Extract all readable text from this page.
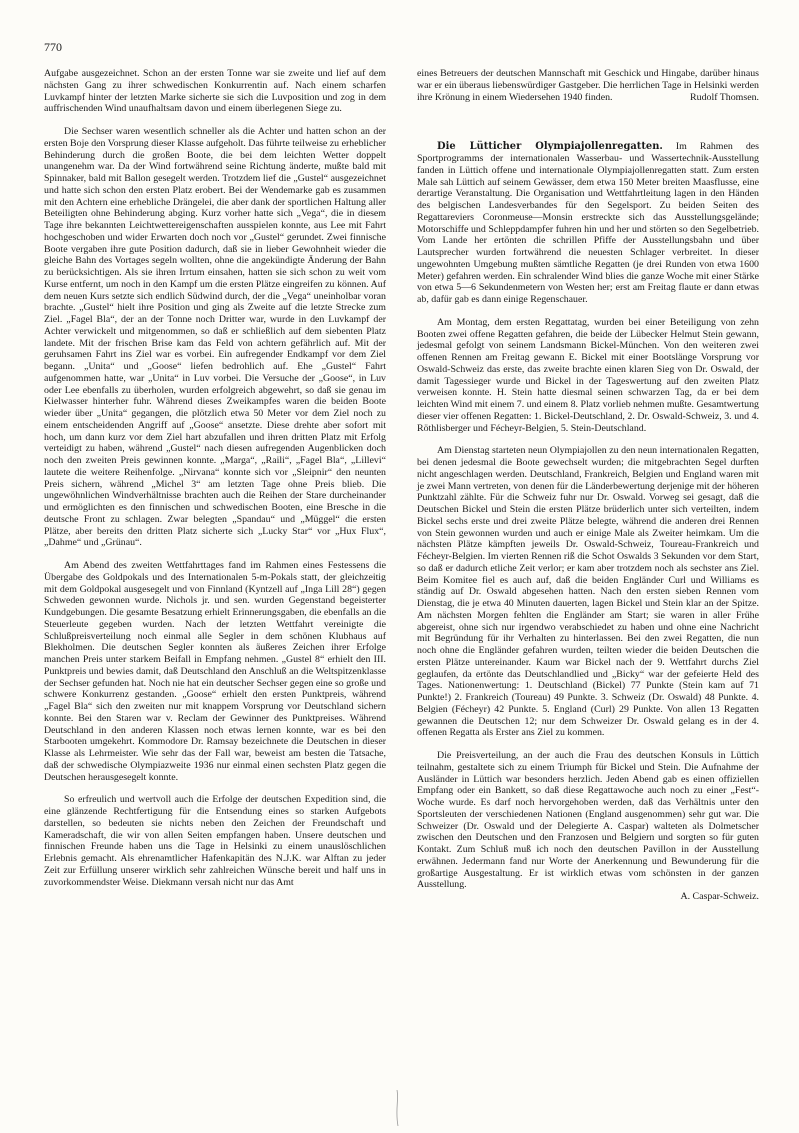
770

Aufgabe ausgezeichnet. Schon an der ersten Tonne war sie zweite und lief auf dem nächsten Gang zu ihrer schwedischen Konkurrentin auf. Nach einem scharfen Luvkampf hinter der letzten Marke sicherte sie sich die Luvposition und zog in dem auffrischenden Wind unaufhaltsam davon und einem überlegenen Siege zu.

Die Sechser waren wesentlich schneller als die Achter und hatten schon an der ersten Boje den Vorsprung dieser Klasse aufgeholt. Das führte teilweise zu erheblicher Behinderung durch die großen Boote, die bei dem leichten Wetter doppelt unangenehm war. Da der Wind fortwährend seine Richtung änderte, mußte bald mit Spinnaker, bald mit Ballon gesegelt werden. Trotzdem lief die „Gustel“ ausgezeichnet und hatte sich schon den ersten Platz erobert. Bei der Wendemarke gab es zusammen mit den Achtern eine erhebliche Drängelei, die aber dank der sportlichen Haltung aller Beteiligten ohne Behinderung abging. Kurz vorher hatte sich „Vega“, die in diesem Tage ihre bekannten Leichtwettereigenschaften ausspielen konnte, aus Lee mit Fahrt hochgeschoben und wider Erwarten doch noch vor „Gustel“ gerundet. Zwei finnische Boote vergaben ihre gute Position dadurch, daß sie in lieber Gewohnheit wieder die gleiche Bahn des Vortages segeln wollten, ohne die angekündigte Änderung der Bahn zu berücksichtigen. Als sie ihren Irrtum einsahen, hatten sie sich schon zu weit vom Kurse entfernt, um noch in den Kampf um die ersten Plätze eingreifen zu können. Auf dem neuen Kurs setzte sich endlich Südwind durch, der die „Vega“ uneinholbar voran brachte. „Gustel“ hielt ihre Position und ging als Zweite auf die letzte Strecke zum Ziel. „Fagel Bla“, der an der Tonne noch Dritter war, wurde in den Luvkampf der Achter verwickelt und mitgenommen, so daß er schließlich auf dem siebenten Platz landete. Mit der frischen Brise kam das Feld von achtern gefährlich auf. Mit der geruhsamen Fahrt ins Ziel war es vorbei. Ein aufregender Endkampf vor dem Ziel begann. „Unita“ und „Goose“ liefen bedrohlich auf. Ehe „Gustel“ Fahrt aufgenommen hatte, war „Unita“ in Luv vorbei. Die Versuche der „Goose“, in Luv oder Lee ebenfalls zu überholen, wurden erfolgreich abgewehrt, so daß sie genau im Kielwasser hinterher fuhr. Während dieses Zweikampfes waren die beiden Boote wieder über „Unita“ gegangen, die plötzlich etwa 50 Meter vor dem Ziel noch zu einem entscheidenden Angriff auf „Goose“ ansetzte. Diese drehte aber sofort mit hoch, um dann kurz vor dem Ziel hart abzufallen und ihren dritten Platz mit Erfolg verteidigt zu haben, während „Gustel“ nach diesen aufregenden Augenblicken doch noch den zweiten Preis gewinnen konnte. „Marga“, „Raili“, „Fagel Bla“, „Lillevi“ lautete die weitere Reihenfolge. „Nirvana“ konnte sich vor „Sleipnir“ den neunten Preis sichern, während „Michel 3“ am letzten Tage ohne Preis blieb. Die ungewöhnlichen Windverhältnisse brachten auch die Reihen der Stare durcheinander und ermöglichten es den finnischen und schwedischen Booten, eine Bresche in die deutsche Front zu schlagen. Zwar belegten „Spandau“ und „Müggel“ die ersten Plätze, aber bereits den dritten Platz sicherte sich „Lucky Star“ vor „Hux Flux“, „Dahme“ und „Grünau“.

Am Abend des zweiten Wettfahrttages fand im Rahmen eines Festessens die Übergabe des Goldpokals und des Internationalen 5-m-Pokals statt, der gleichzeitig mit dem Goldpokal ausgesegelt und von Finnland (Kyntzell auf „Inga Lill 28“) gegen Schweden gewonnen wurde. Nichols jr. und sen. wurden Gegenstand begeisterter Kundgebungen. Die gesamte Besatzung erhielt Erinnerungsgaben, die ebenfalls an die Steuerleute gegeben wurden. Nach der letzten Wettfahrt vereinigte die Schlußpreisverteilung noch einmal alle Segler in dem schönen Klubhaus auf Blekholmen. Die deutschen Segler konnten als äußeres Zeichen ihrer Erfolge manchen Preis unter starkem Beifall in Empfang nehmen. „Gustel 8“ erhielt den III. Punktpreis und bewies damit, daß Deutschland den Anschluß an die Weltspitzenklasse der Sechser gefunden hat. Noch nie hat ein deutscher Sechser gegen eine so große und schwere Konkurrenz gestanden. „Goose“ erhielt den ersten Punktpreis, während „Fagel Bla“ sich den zweiten nur mit knappem Vorsprung vor Deutschland sichern konnte. Bei den Staren war v. Reclam der Gewinner des Punktpreises. Während Deutschland in den anderen Klassen noch etwas lernen konnte, war es bei den Starbooten umgekehrt. Kommodore Dr. Ramsay bezeichnete die Deutschen in dieser Klasse als Lehrmeister. Wie sehr das der Fall war, beweist am besten die Tatsache, daß der schwedische Olympiazweite 1936 nur einmal einen sechsten Platz gegen die Deutschen herausgesegelt konnte.

So erfreulich und wertvoll auch die Erfolge der deutschen Expedition sind, die eine glänzende Rechtfertigung für die Entsendung eines so starken Aufgebots darstellen, so bedeuten sie nichts neben den Zeichen der Freundschaft und Kameradschaft, die wir von allen Seiten empfangen haben. Unsere deutschen und finnischen Freunde haben uns die Tage in Helsinki zu einem unauslöschlichen Erlebnis gemacht. Als ehrenamtlicher Hafenkapitän des N.J.K. war Alftan zu jeder Zeit zur Erfüllung unserer wirklich sehr zahlreichen Wünsche bereit und half uns in zuvorkommendster Weise. Diekmann versah nicht nur das Amt

eines Betreuers der deutschen Mannschaft mit Geschick und Hingabe, darüber hinaus war er ein überaus liebenswürdiger Gastgeber. Die herrlichen Tage in Helsinki werden ihre Krönung in einem Wiedersehen 1940 finden.	Rudolf Thomsen.

Die Lütticher Olympiajollenregatten. Im Rahmen des Sportprogramms der internationalen Wasserbau- und Wassertechnik-Ausstellung fanden in Lüttich offene und internationale Olympiajollenregatten statt. Zum ersten Male sah Lüttich auf seinem Gewässer, dem etwa 150 Meter breiten Maasflusse, eine derartige Veranstaltung. Die Organisation und Wettfahrtleitung lagen in den Händen des belgischen Landesverbandes für den Segelsport. Zu beiden Seiten des Regattareviers Coronmeuse—Monsin erstreckte sich das Ausstellungsgelände; Motorschiffe und Schleppdampfer fuhren hin und her und störten so den Segelbetrieb. Vom Lande her ertönten die schrillen Pfiffe der Ausstellungsbahn und über Lautsprecher wurden fortwährend die neuesten Schlager verbreitet. In dieser ungewohnten Umgebung mußten sämtliche Regatten (je drei Runden von etwa 1600 Meter) gefahren werden. Ein schralender Wind blies die ganze Woche mit einer Stärke von etwa 5—6 Sekundenmetern von Westen her; erst am Freitag flaute er dann etwas ab, dafür gab es dann einige Regenschauer.

Am Montag, dem ersten Regattatag, wurden bei einer Beteiligung von zehn Booten zwei offene Regatten gefahren, die beide der Lübecker Helmut Stein gewann, jedesmal gefolgt von seinem Landsmann Bickel-München. Von den weiteren zwei offenen Rennen am Freitag gewann E. Bickel mit einer Bootslänge Vorsprung vor Oswald-Schweiz das erste, das zweite brachte einen klaren Sieg von Dr. Oswald, der damit Tagessieger wurde und Bickel in der Tageswertung auf den zweiten Platz verweisen konnte. H. Stein hatte diesmal seinen schwarzen Tag, da er bei dem leichten Wind mit einem 7. und einem 8. Platz vorlieb nehmen mußte. Gesamtwertung dieser vier offenen Regatten: 1. Bickel-Deutschland, 2. Dr. Oswald-Schweiz, 3. und 4. Röthlisberger und Fécheyr-Belgien, 5. Stein-Deutschland.

Am Dienstag starteten neun Olympiajollen zu den neun internationalen Regatten, bei denen jedesmal die Boote gewechselt wurden; die mitgebrachten Segel durften nicht angeschlagen werden. Deutschland, Frankreich, Belgien und England waren mit je zwei Mann vertreten, von denen für die Länderbewertung derjenige mit der höheren Punktzahl zählte. Für die Schweiz fuhr nur Dr. Oswald. Vorweg sei gesagt, daß die Deutschen Bickel und Stein die ersten Plätze brüderlich unter sich verteilten, indem Bickel sechs erste und drei zweite Plätze belegte, während die anderen drei Rennen von Stein gewonnen wurden und auch er einige Male als Zweiter heimkam. Um die nächsten Plätze kämpften jeweils Dr. Oswald-Schweiz, Toureau-Frankreich und Fécheyr-Belgien. Im vierten Rennen riß die Schot Oswalds 3 Sekunden vor dem Start, so daß er dadurch etliche Zeit verlor; er kam aber trotzdem noch als sechster ans Ziel. Beim Komitee fiel es auch auf, daß die beiden Engländer Curl und Williams es ständig auf Dr. Oswald abgesehen hatten. Nach den ersten sieben Rennen vom Dienstag, die je etwa 40 Minuten dauerten, lagen Bickel und Stein klar an der Spitze. Am nächsten Morgen fehlten die Engländer am Start; sie waren in aller Frühe abgereist, ohne sich nur irgendwo verabschiedet zu haben und ohne eine Nachricht mit Begründung für ihr Verhalten zu hinterlassen. Bei den zwei Regatten, die nun noch ohne die Engländer gefahren wurden, teilten wieder die beiden Deutschen die ersten Plätze untereinander. Kaum war Bickel nach der 9. Wettfahrt durchs Ziel geglaufen, da ertönte das Deutschlandlied und „Bicky“ war der gefeierte Held des Tages. Nationenwertung: 1. Deutschland (Bickel) 77 Punkte (Stein kam auf 71 Punkte!) 2. Frankreich (Toureau) 49 Punkte. 3. Schweiz (Dr. Oswald) 48 Punkte. 4. Belgien (Fécheyr) 42 Punkte. 5. England (Curl) 29 Punkte. Von allen 13 Regatten gewannen die Deutschen 12; nur dem Schweizer Dr. Oswald gelang es in der 4. offenen Regatta als Erster ans Ziel zu kommen.

Die Preisverteilung, an der auch die Frau des deutschen Konsuls in Lüttich teilnahm, gestaltete sich zu einem Triumph für Bickel und Stein. Die Aufnahme der Ausländer in Lüttich war besonders herzlich. Jeden Abend gab es einen offiziellen Empfang oder ein Bankett, so daß diese Regattawoche auch noch zu einer „Fest“-Woche wurde. Es darf noch hervorgehoben werden, daß das Verhältnis unter den Sportsleuten der verschiedenen Nationen (England ausgenommen) sehr gut war. Die Schweizer (Dr. Oswald und der Delegierte A. Caspar) walteten als Dolmetscher zwischen den Deutschen und den Franzosen und Belgiern und sorgten so für guten Kontakt. Zum Schluß muß ich noch den deutschen Pavillon in der Ausstellung erwähnen. Jedermann fand nur Worte der Anerkennung und Bewunderung für die großartige Ausgestaltung. Er ist wirklich etwas vom schönsten in der ganzen Ausstellung.

A. Caspar-Schweiz.
